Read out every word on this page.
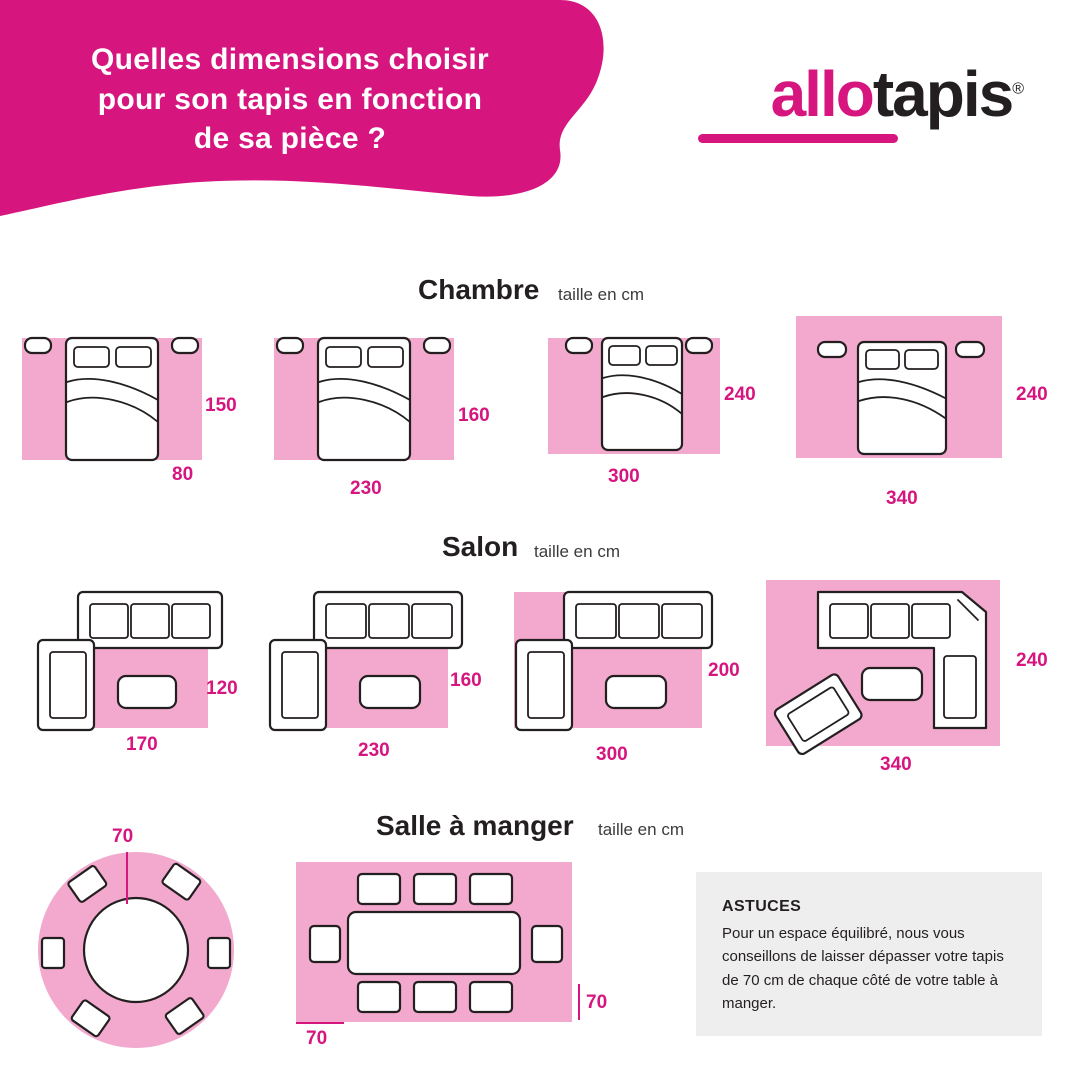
Quelles dimensions choisir
pour son tapis en fonction
de sa pièce ?
allotapis®
Chambre taille en cm
150
80
160
230
240
300
240
340
Salon taille en cm
120
170
160
230
200
300
240
340
Salle à manger taille en cm
70
70
70
ASTUCES

Pour un espace équilibré, nous vous conseillons de laisser dépasser votre tapis de 70 cm de chaque côté de votre table à manger.
